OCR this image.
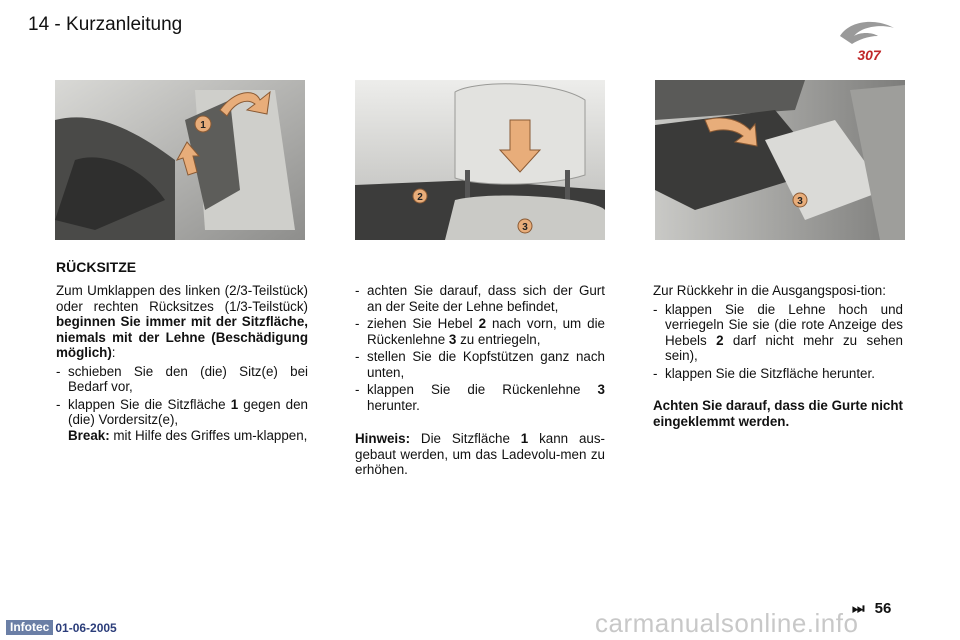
14 - Kurzanleitung
307
1
2
3
3
RÜCKSITZE

Zum Umklappen des linken (2/3-Teilstück) oder rechten Rücksitzes (1/3-Teilstück) beginnen Sie immer mit der Sitzfläche, niemals mit der Lehne (Beschädigung möglich):

- schieben Sie den (die) Sitz(e) bei Bedarf vor,
- klappen Sie die Sitzfläche 1 gegen den (die) Vordersitz(e),

Break: mit Hilfe des Griffes um-klappen,

- achten Sie darauf, dass sich der Gurt an der Seite der Lehne befindet,
- ziehen Sie Hebel 2 nach vorn, um die Rückenlehne 3 zu entriegeln,
- stellen Sie die Kopfstützen ganz nach unten,
- klappen Sie die Rückenlehne 3 herunter.

Hinweis: Die Sitzfläche 1 kann aus-gebaut werden, um das Ladevolu-men zu erhöhen.

Zur Rückkehr in die Ausgangsposi-tion:

- klappen Sie die Lehne hoch und verriegeln Sie sie (die rote Anzeige des Hebels 2 darf nicht mehr zu sehen sein),
- klappen Sie die Sitzfläche herunter.

Achten Sie darauf, dass die Gurte nicht eingeklemmt werden.

carmanualsonline.info
⏭ 56
Infotec 01-06-2005
